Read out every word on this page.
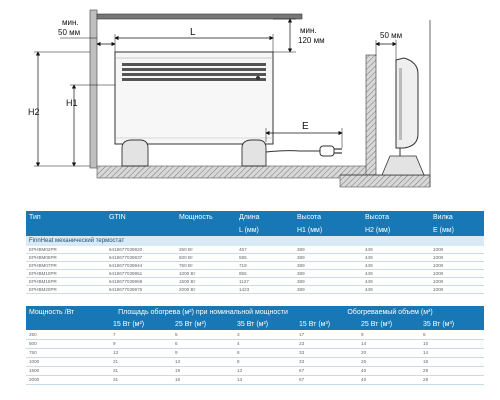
мин.
50 мм	L	мин.
120 мм
H1
H2
E
50 мм
Тип	GTIN	Мощность	Длина	Высота	Высота	Вилка
			L (мм)	H1 (мм)	H2 (мм)	E (мм)
FinnHeat механический термостат						
EPHBM02PR	6418677039920	250 Вт	457	389	449	1000
EPHBM05PR	6418677039937	500 Вт	585	389	449	1000
EPHBM07PR	6418677039944	750 Вт	719	389	449	1000
EPHBM10PR	6418677039951	1000 Вт	855	389	449	1000
EPHBM15PR	6418677039968	1500 Вт	1127	389	449	1000
EPHBM20PR	6418677039975	2000 Вт	1423	389	449	1000
Мощность /Вт	Площадь обогрева (м²) при номинальной мощности			Обогреваемый объем (м³)		
	15 Вт (м²)	25 Вт (м²)	35 Вт (м²)	15 Вт (м³)	25 Вт (м³)	35 Вт (м³)
250	7	5	3	17	9	6
500	9	6	4	23	14	10
750	13	9	6	33	20	14
1000	21	13	8	33	26	19
1500	31	19	13	67	40	29
2000	31	19	13	67	40	29
